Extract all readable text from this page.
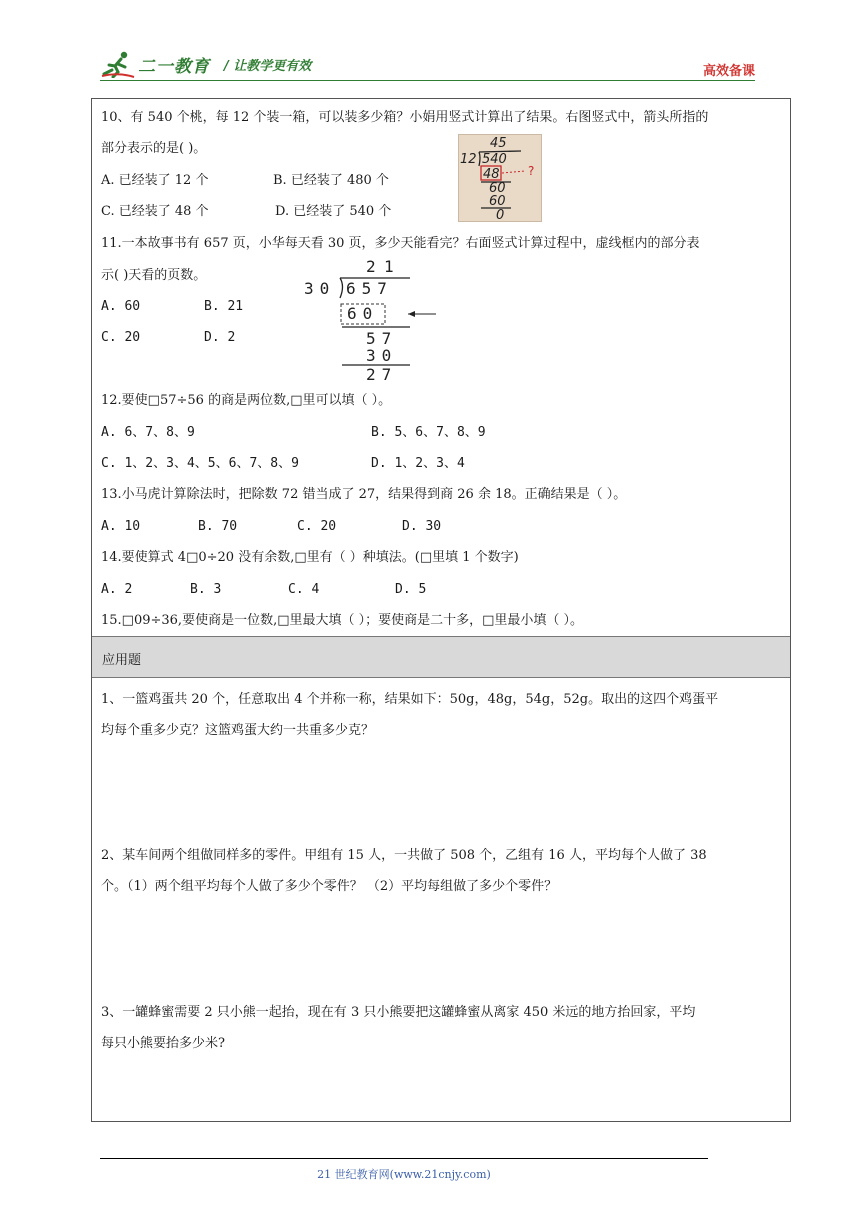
二一教育 / 让教学更有效	高效备课
10、有 540 个桃，每 12 个装一箱，可以装多少箱？小娟用竖式计算出了结果。右图竖式中，箭头所指的
部分表示的是( )。
A. 已经装了 12 个	B. 已经装了 480 个
C. 已经装了 48 个	D. 已经装了 540 个
45
12 540
48
60
60
0
?
11.一本故事书有 657 页，小华每天看 30 页，多少天能看完？右面竖式计算过程中，虚线框内的部分表
示( )天看的页数。
A. 60	B. 21
C. 20	D. 2
2 1
30 657
60
57
30
27
12.要使□57÷56 的商是两位数,□里可以填（ ）。
A. 6、7、8、9	B. 5、6、7、8、9
C. 1、2、3、4、5、6、7、8、9	D. 1、2、3、4
13.小马虎计算除法时，把除数 72 错当成了 27，结果得到商 26 余 18。正确结果是（ ）。
A. 10	B. 70	C. 20	D. 30
14.要使算式 4□0÷20 没有余数,□里有（ ）种填法。(□里填 1 个数字)
A. 2	B. 3	C. 4	D. 5
15.□09÷36,要使商是一位数,□里最大填（ ）；要使商是二十多，□里最小填（ ）。
应用题
1、一篮鸡蛋共 20 个，任意取出 4 个并称一称，结果如下：50g，48g，54g，52g。取出的这四个鸡蛋平
均每个重多少克？这篮鸡蛋大约一共重多少克？
2、某车间两个组做同样多的零件。甲组有 15 人，一共做了 508 个，乙组有 16 人，平均每个人做了 38
个。（1）两个组平均每个人做了多少个零件？ （2）平均每组做了多少个零件？
3、一罐蜂蜜需要 2 只小熊一起抬，现在有 3 只小熊要把这罐蜂蜜从离家 450 米远的地方抬回家，平均
每只小熊要抬多少米?
21 世纪教育网(www.21cnjy.com)
